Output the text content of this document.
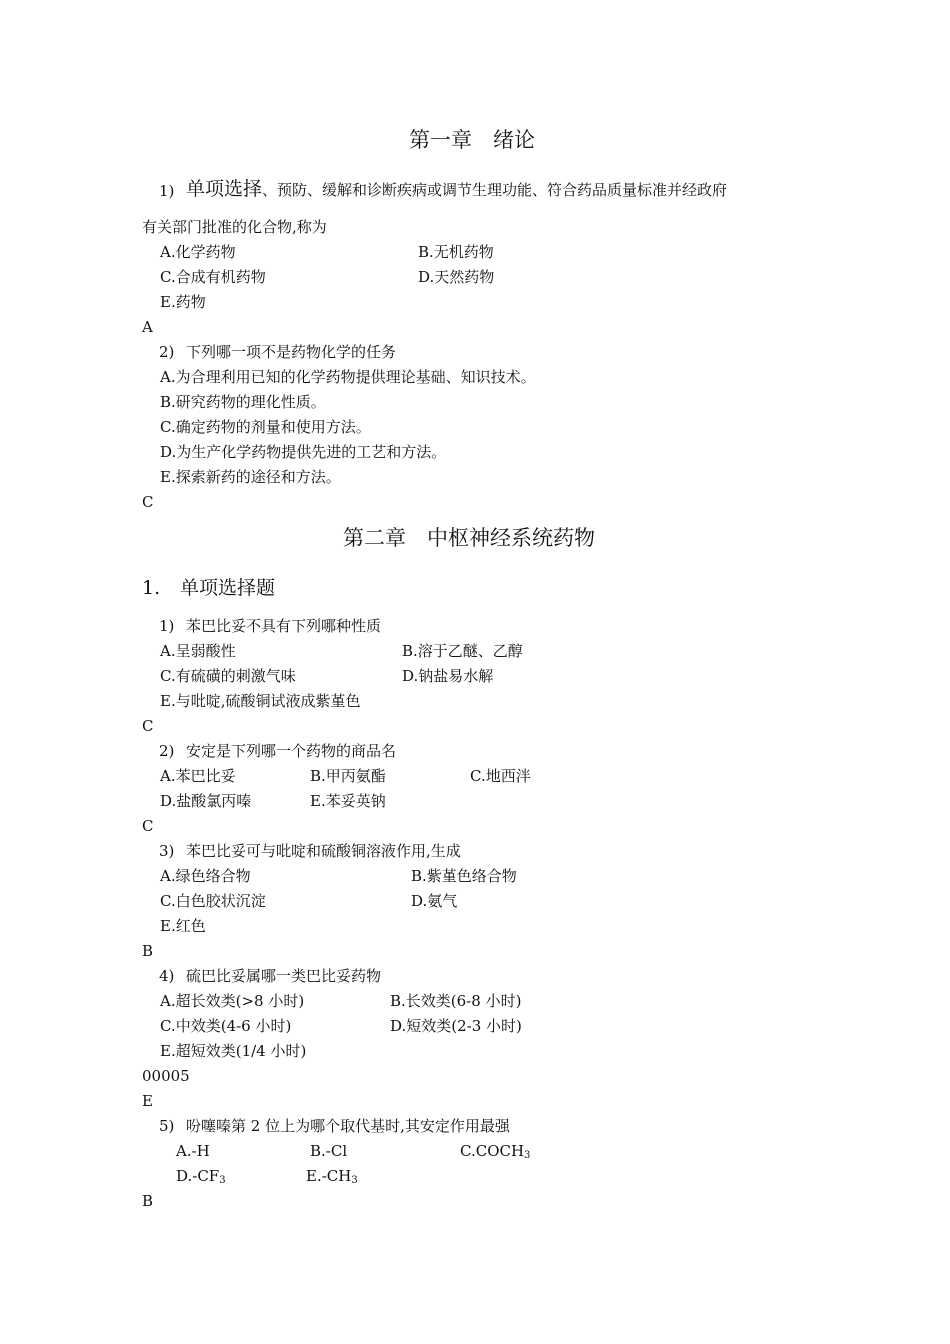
第一章　绪论
1) 单项选择、预防、缓解和诊断疾病或调节生理功能、符合药品质量标准并经政府
有关部门批准的化合物,称为
A.化学药物	B.无机药物
C.合成有机药物	D.天然药物
E.药物
A
2) 下列哪一项不是药物化学的任务
A.为合理利用已知的化学药物提供理论基础、知识技术。
B.研究药物的理化性质。
C.确定药物的剂量和使用方法。
D.为生产化学药物提供先进的工艺和方法。
E.探索新药的途径和方法。
C
第二章　中枢神经系统药物
1. 单项选择题
1) 苯巴比妥不具有下列哪种性质
A.呈弱酸性	B.溶于乙醚、乙醇
C.有硫磺的刺激气味	D.钠盐易水解
E.与吡啶,硫酸铜试液成紫堇色
C
2) 安定是下列哪一个药物的商品名
A.苯巴比妥	B.甲丙氨酯	C.地西泮
D.盐酸氯丙嗪	E.苯妥英钠
C
3) 苯巴比妥可与吡啶和硫酸铜溶液作用,生成
A.绿色络合物	B.紫堇色络合物
C.白色胶状沉淀	D.氨气
E.红色
B
4) 硫巴比妥属哪一类巴比妥药物
A.超长效类(>8 小时)	B.长效类(6-8 小时)
C.中效类(4-6 小时)	D.短效类(2-3 小时)
E.超短效类(1/4 小时)
00005
E
5) 吩噻嗪第 2 位上为哪个取代基时,其安定作用最强
A.-H	B.-Cl	$C.COCH_3$
$D.-CF_3$	$E.-CH_3$
B
